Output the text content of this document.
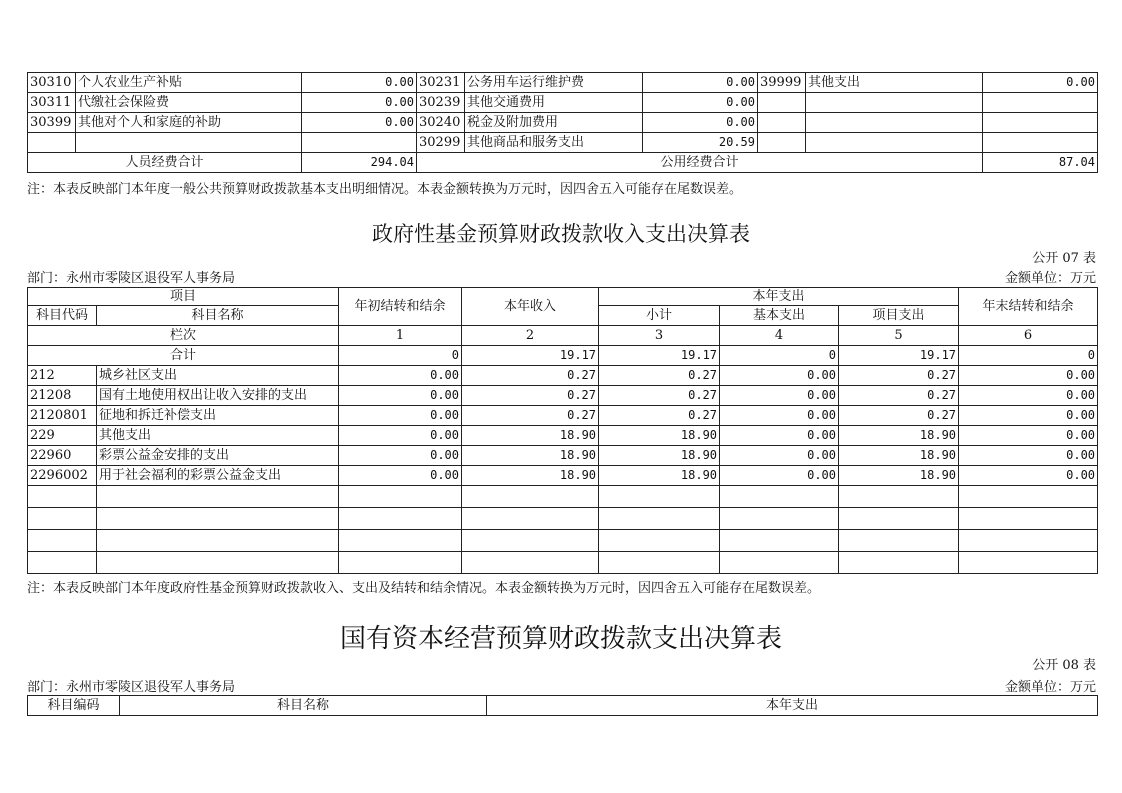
30310	个人农业生产补贴	0.00	30231	公务用车运行维护费	0.00	39999	其他支出	0.00
30311	代缴社会保险费	0.00	30239	其他交通费用	0.00			
30399	其他对个人和家庭的补助	0.00	30240	税金及附加费用	0.00			
			30299	其他商品和服务支出	20.59			
人员经费合计		294.04	公用经费合计					87.04
注：本表反映部门本年度一般公共预算财政拨款基本支出明细情况。本表金额转换为万元时，因四舍五入可能存在尾数误差。
政府性基金预算财政拨款收入支出决算表
公开 07 表
部门：永州市零陵区退役军人事务局	金额单位：万元
项目		年初结转和结余	本年收入	本年支出			年末结转和结余
科目代码	科目名称			小计	基本支出	项目支出	
栏次		1	2	3	4	5	6
合计		0	19.17	19.17	0	19.17	0
212	城乡社区支出	0.00	0.27	0.27	0.00	0.27	0.00
21208	国有土地使用权出让收入安排的支出	0.00	0.27	0.27	0.00	0.27	0.00
2120801	征地和拆迁补偿支出	0.00	0.27	0.27	0.00	0.27	0.00
229	其他支出	0.00	18.90	18.90	0.00	18.90	0.00
22960	彩票公益金安排的支出	0.00	18.90	18.90	0.00	18.90	0.00
2296002	用于社会福利的彩票公益金支出	0.00	18.90	18.90	0.00	18.90	0.00

注：本表反映部门本年度政府性基金预算财政拨款收入、支出及结转和结余情况。本表金额转换为万元时，因四舍五入可能存在尾数误差。
国有资本经营预算财政拨款支出决算表
公开 08 表
部门：永州市零陵区退役军人事务局	金额单位：万元
科目编码	科目名称	本年支出
